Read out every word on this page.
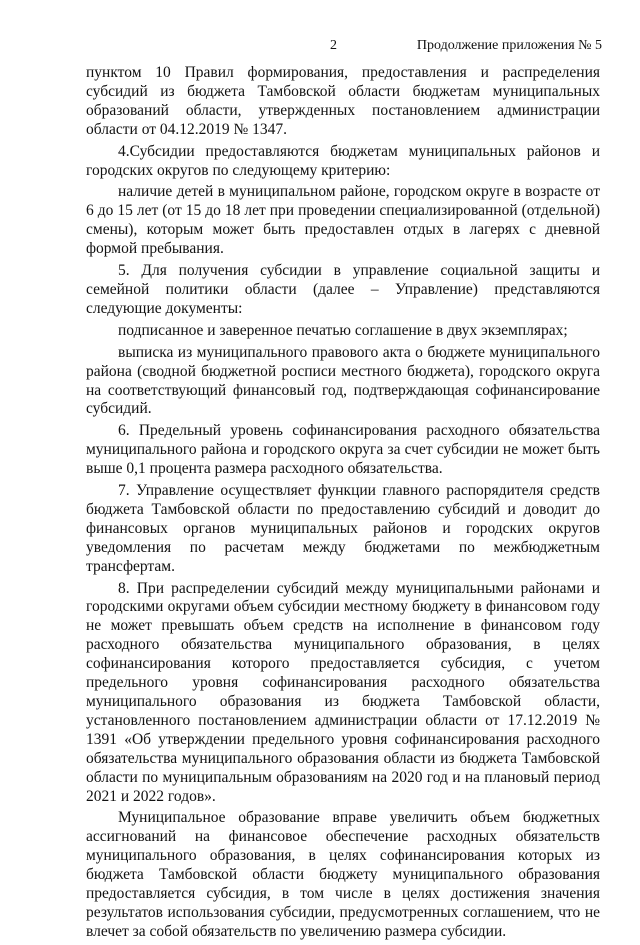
2	Продолжение приложения № 5

пунктом 10 Правил формирования, предоставления и распределения субсидий из бюджета Тамбовской области бюджетам муниципальных образований области, утвержденных постановлением администрации области от 04.12.2019 № 1347.

4.Субсидии предоставляются бюджетам муниципальных районов и городских округов по следующему критерию:

наличие детей в муниципальном районе, городском округе в возрасте от 6 до 15 лет (от 15 до 18 лет при проведении специализированной (отдельной) смены), которым может быть предоставлен отдых в лагерях с дневной формой пребывания.

5. Для получения субсидии в управление социальной защиты и семейной политики области (далее – Управление) представляются следующие документы:

подписанное и заверенное печатью соглашение в двух экземплярах;

выписка из муниципального правового акта о бюджете муниципального района (сводной бюджетной росписи местного бюджета), городского округа на соответствующий финансовый год, подтверждающая софинансирование субсидий.

6. Предельный уровень софинансирования расходного обязательства муниципального района и городского округа за счет субсидии не может быть выше 0,1 процента размера расходного обязательства.

7. Управление осуществляет функции главного распорядителя средств бюджета Тамбовской области по предоставлению субсидий и доводит до финансовых органов муниципальных районов и городских округов уведомления по расчетам между бюджетами по межбюджетным трансфертам.

8. При распределении субсидий между муниципальными районами и городскими округами объем субсидии местному бюджету в финансовом году не может превышать объем средств на исполнение в финансовом году расходного обязательства муниципального образования, в целях софинансирования которого предоставляется субсидия, с учетом предельного уровня софинансирования расходного обязательства муниципального образования из бюджета Тамбовской области, установленного постановлением администрации области от 17.12.2019 № 1391 «Об утверждении предельного уровня софинансирования расходного обязательства муниципального образования области из бюджета Тамбовской области по муниципальным образованиям на 2020 год и на плановый период 2021 и 2022 годов».

Муниципальное образование вправе увеличить объем бюджетных ассигнований на финансовое обеспечение расходных обязательств муниципального образования, в целях софинансирования которых из бюджета Тамбовской области бюджету муниципального образования предоставляется субсидия, в том числе в целях достижения значения результатов использования субсидии, предусмотренных соглашением, что не влечет за собой обязательств по увеличению размера субсидии.
